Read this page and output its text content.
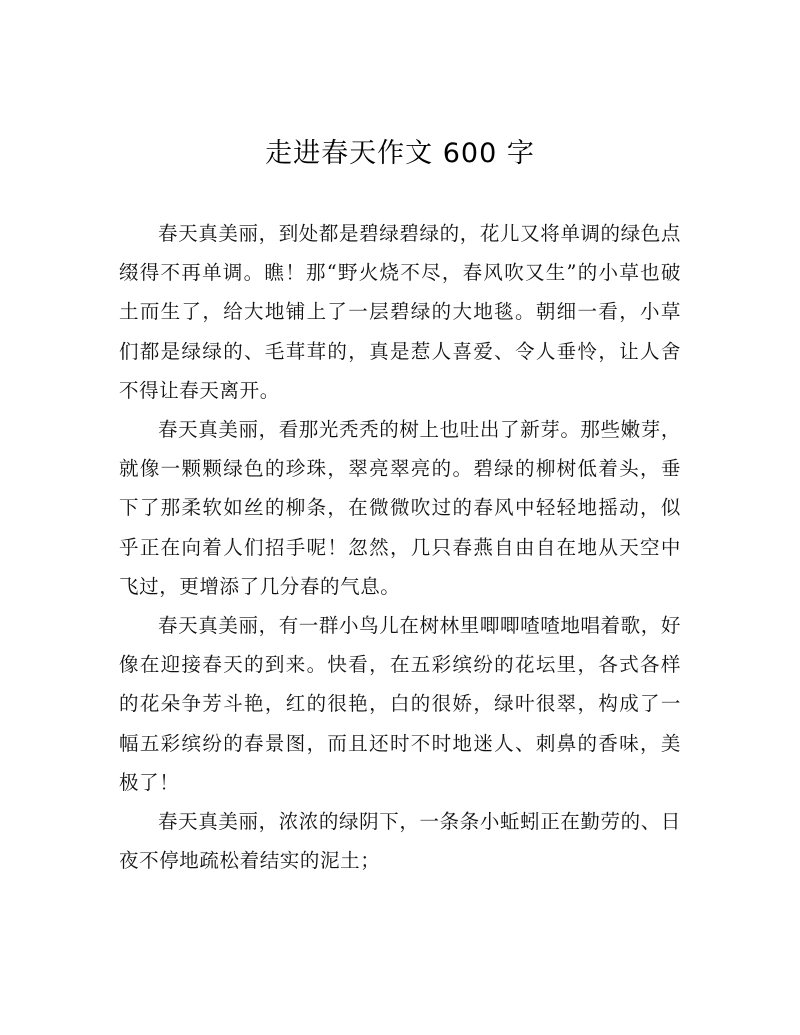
走进春天作文 600 字

春天真美丽，到处都是碧绿碧绿的，花儿又将单调的绿色点缀得不再单调。瞧！那“野火烧不尽，春风吹又生”的小草也破土而生了，给大地铺上了一层碧绿的大地毯。朝细一看，小草们都是绿绿的、毛茸茸的，真是惹人喜爱、令人垂怜，让人舍不得让春天离开。

春天真美丽，看那光秃秃的树上也吐出了新芽。那些嫩芽，就像一颗颗绿色的珍珠，翠亮翠亮的。碧绿的柳树低着头，垂下了那柔软如丝的柳条，在微微吹过的春风中轻轻地摇动，似乎正在向着人们招手呢！忽然，几只春燕自由自在地从天空中飞过，更增添了几分春的气息。

春天真美丽，有一群小鸟儿在树林里唧唧喳喳地唱着歌，好像在迎接春天的到来。快看，在五彩缤纷的花坛里，各式各样的花朵争芳斗艳，红的很艳，白的很娇，绿叶很翠，构成了一幅五彩缤纷的春景图，而且还时不时地迷人、刺鼻的香味，美极了！

春天真美丽，浓浓的绿阴下，一条条小蚯蚓正在勤劳的、日夜不停地疏松着结实的泥土；
